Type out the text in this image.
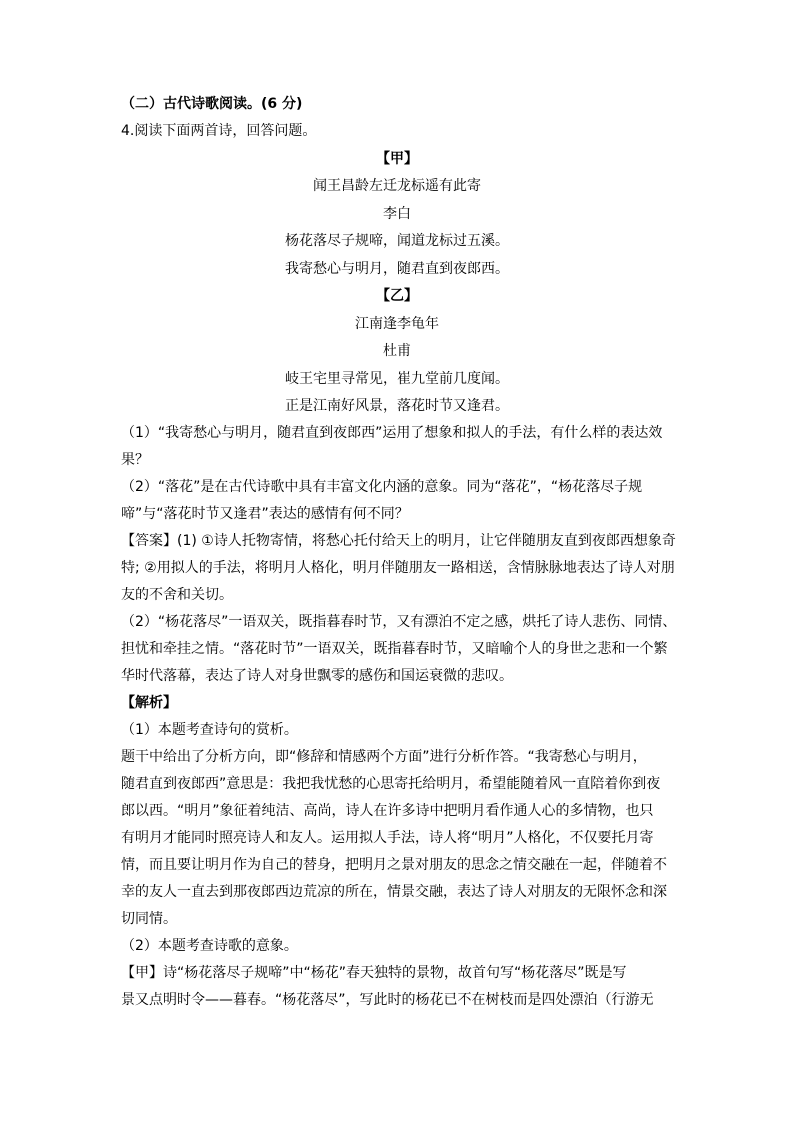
（二）古代诗歌阅读。(6 分)
4.阅读下面两首诗，回答问题。
【甲】
闻王昌龄左迁龙标遥有此寄
李白
杨花落尽子规啼，闻道龙标过五溪。
我寄愁心与明月，随君直到夜郎西。
【乙】
江南逢李龟年
杜甫
岐王宅里寻常见，崔九堂前几度闻。
正是江南好风景，落花时节又逢君。
（1）“我寄愁心与明月，随君直到夜郎西”运用了想象和拟人的手法，有什么样的表达效
果？
（2）“落花”是在古代诗歌中具有丰富文化内涵的意象。同为“落花”，“杨花落尽子规
啼”与“落花时节又逢君”表达的感情有何不同？
【答案】(1) ①诗人托物寄情，将愁心托付给天上的明月，让它伴随朋友直到夜郎西想象奇
特; ②用拟人的手法，将明月人格化，明月伴随朋友一路相送，含情脉脉地表达了诗人对朋
友的不舍和关切。
（2）“杨花落尽”一语双关，既指暮春时节，又有漂泊不定之感，烘托了诗人悲伤、同情、
担忧和牵挂之情。“落花时节”一语双关，既指暮春时节，又暗喻个人的身世之悲和一个繁
华时代落幕，表达了诗人对身世飘零的感伤和国运衰微的悲叹。
【解析】
（1）本题考查诗句的赏析。
题干中给出了分析方向，即“修辞和情感两个方面”进行分析作答。“我寄愁心与明月，
随君直到夜郎西”意思是：我把我忧愁的心思寄托给明月，希望能随着风一直陪着你到夜
郎以西。“明月”象征着纯洁、高尚，诗人在许多诗中把明月看作通人心的多情物，也只
有明月才能同时照亮诗人和友人。运用拟人手法，诗人将“明月”人格化，不仅要托月寄
情，而且要让明月作为自己的替身，把明月之景对朋友的思念之情交融在一起，伴随着不
幸的友人一直去到那夜郎西边荒凉的所在，情景交融，表达了诗人对朋友的无限怀念和深
切同情。
（2）本题考查诗歌的意象。
【甲】诗“杨花落尽子规啼”中“杨花”春天独特的景物，故首句写“杨花落尽”既是写
景又点明时令——暮春。“杨花落尽”，写此时的杨花已不在树枝而是四处漂泊（行游无
